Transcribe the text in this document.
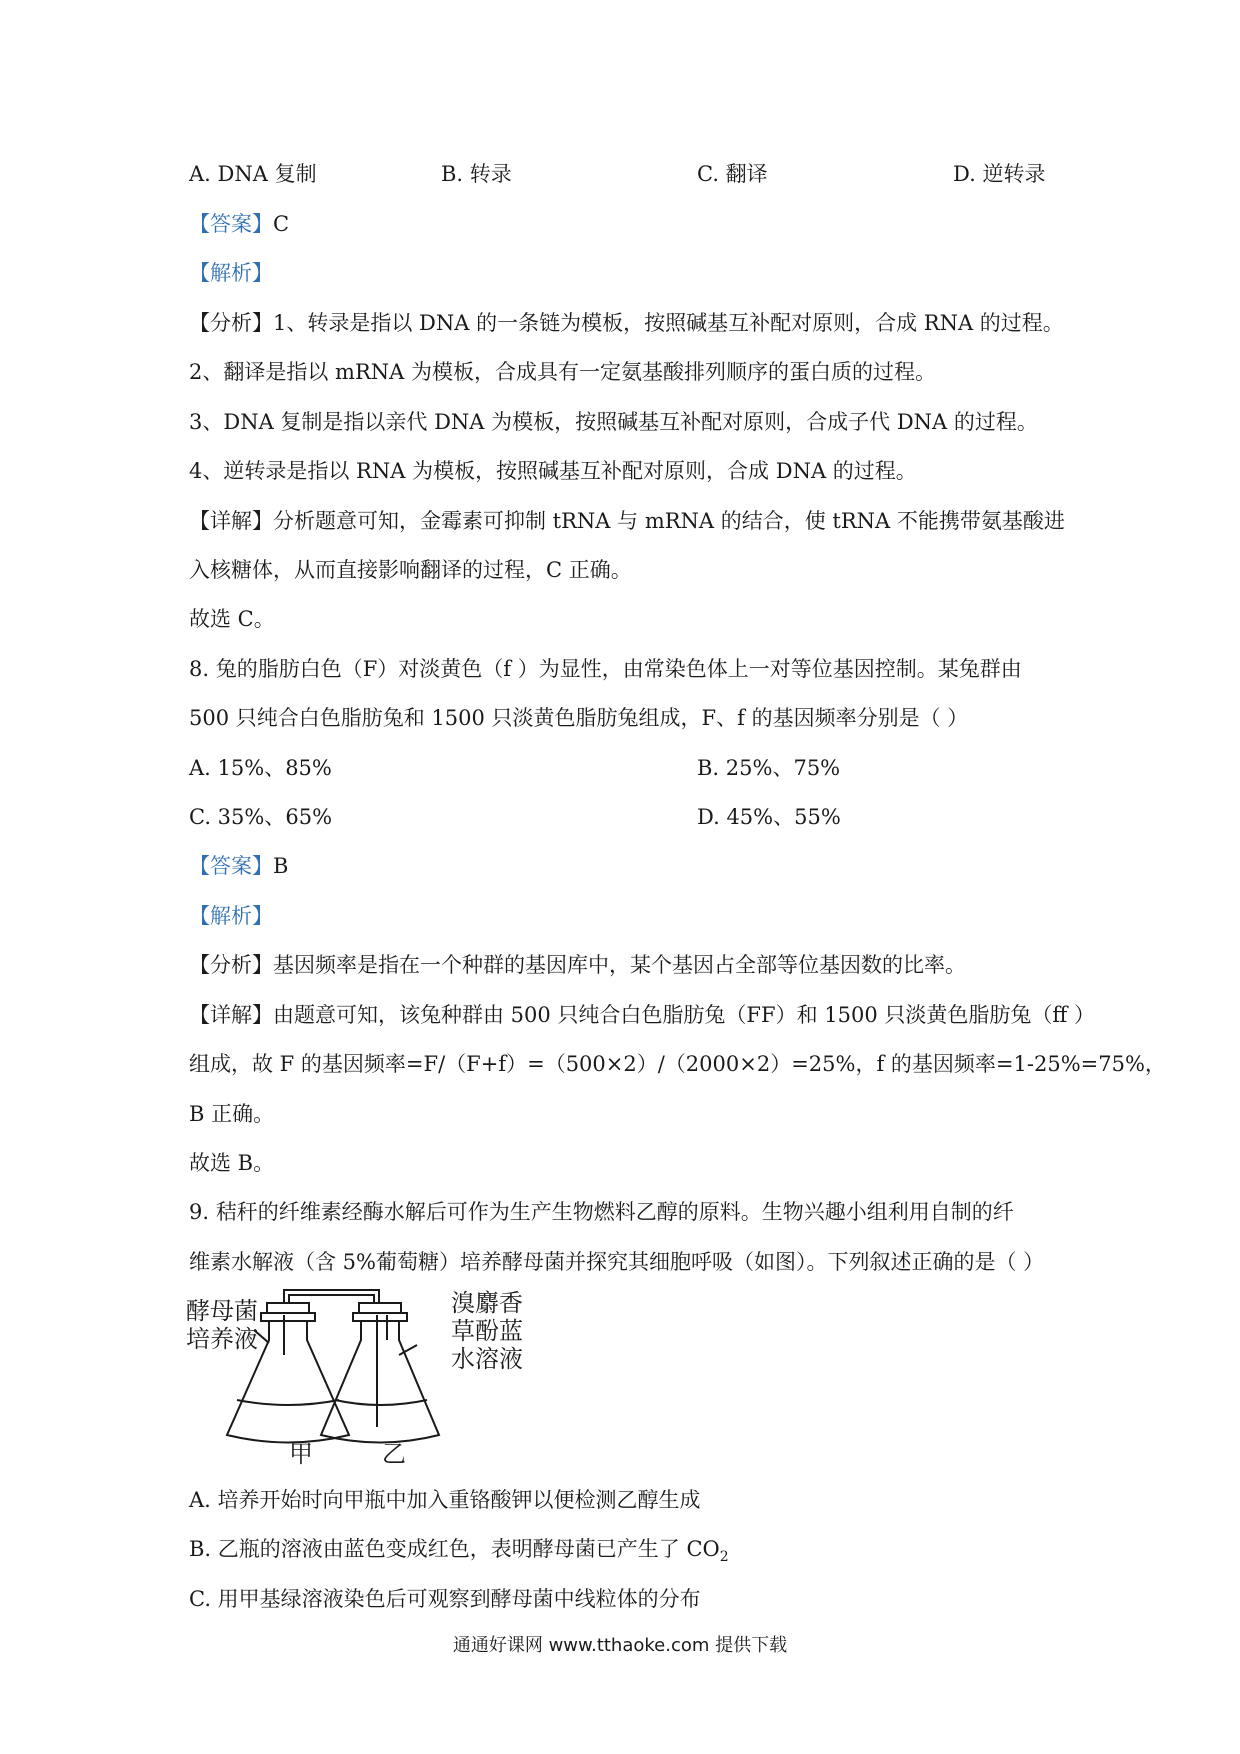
A. DNA 复制	B. 转录	C. 翻译	D. 逆转录
【答案】C
【解析】
【分析】1、转录是指以 DNA 的一条链为模板，按照碱基互补配对原则，合成 RNA 的过程。
2、翻译是指以 mRNA 为模板，合成具有一定氨基酸排列顺序的蛋白质的过程。
3、DNA 复制是指以亲代 DNA 为模板，按照碱基互补配对原则，合成子代 DNA 的过程。
4、逆转录是指以 RNA 为模板，按照碱基互补配对原则，合成 DNA 的过程。
【详解】分析题意可知，金霉素可抑制 tRNA 与 mRNA 的结合，使 tRNA 不能携带氨基酸进
入核糖体，从而直接影响翻译的过程，C 正确。
故选 C。
8. 兔的脂肪白色（F）对淡黄色（f ）为显性，由常染色体上一对等位基因控制。某兔群由
500 只纯合白色脂肪兔和 1500 只淡黄色脂肪兔组成，F、f 的基因频率分别是（ ）
A. 15%、85%	B. 25%、75%
C. 35%、65%	D. 45%、55%
【答案】B
【解析】
【分析】基因频率是指在一个种群的基因库中，某个基因占全部等位基因数的比率。
【详解】由题意可知，该兔种群由 500 只纯合白色脂肪兔（FF）和 1500 只淡黄色脂肪兔（ff ）
组成，故 F 的基因频率=F/（F+f）=（500×2）/（2000×2）=25%，f 的基因频率=1-25%=75%，
B 正确。
故选 B。
9. 秸秆的纤维素经酶水解后可作为生产生物燃料乙醇的原料。生物兴趣小组利用自制的纤
维素水解液（含 5%葡萄糖）培养酵母菌并探究其细胞呼吸（如图）。下列叙述正确的是（ ）
酵母菌
培养液
溴麝香
草酚蓝
水溶液
甲	乙
A. 培养开始时向甲瓶中加入重铬酸钾以便检测乙醇生成
B. 乙瓶的溶液由蓝色变成红色，表明酵母菌已产生了 $CO_2$
C. 用甲基绿溶液染色后可观察到酵母菌中线粒体的分布
通通好课网 www.tthaoke.com 提供下载
